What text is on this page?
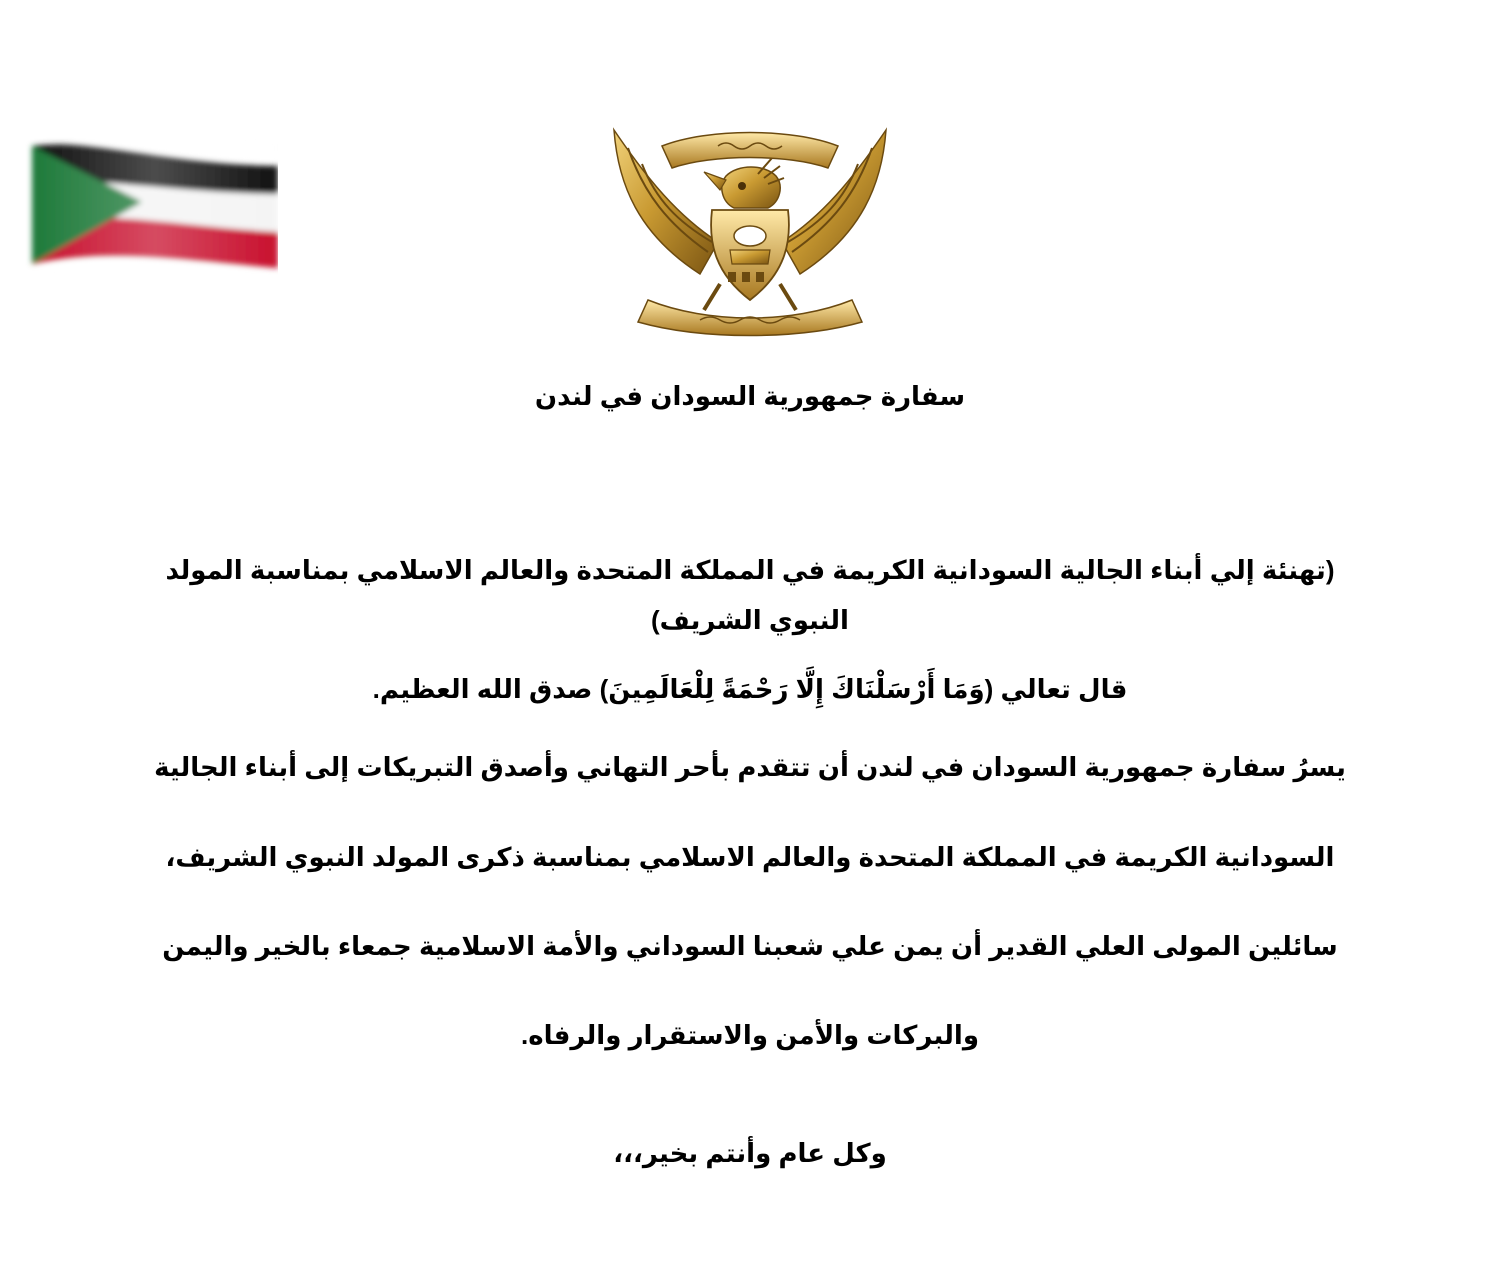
سفارة جمهورية السودان في لندن
(تهنئة إلي أبناء الجالية السودانية الكريمة في المملكة المتحدة والعالم الاسلامي بمناسبة المولد
النبوي الشريف)
قال تعالي (وَمَا أَرْسَلْنَاكَ إِلَّا رَحْمَةً لِلْعَالَمِينَ) صدق الله العظيم.
يسرُ سفارة جمهورية السودان في لندن أن تتقدم بأحر التهاني وأصدق التبريكات إلى أبناء الجالية
السودانية الكريمة في المملكة المتحدة والعالم الاسلامي بمناسبة ذكرى المولد النبوي الشريف،
سائلين المولى العلي القدير أن يمن علي شعبنا السوداني والأمة الاسلامية جمعاء بالخير واليمن
والبركات والأمن والاستقرار والرفاه.
وكل عام وأنتم بخير،،،
